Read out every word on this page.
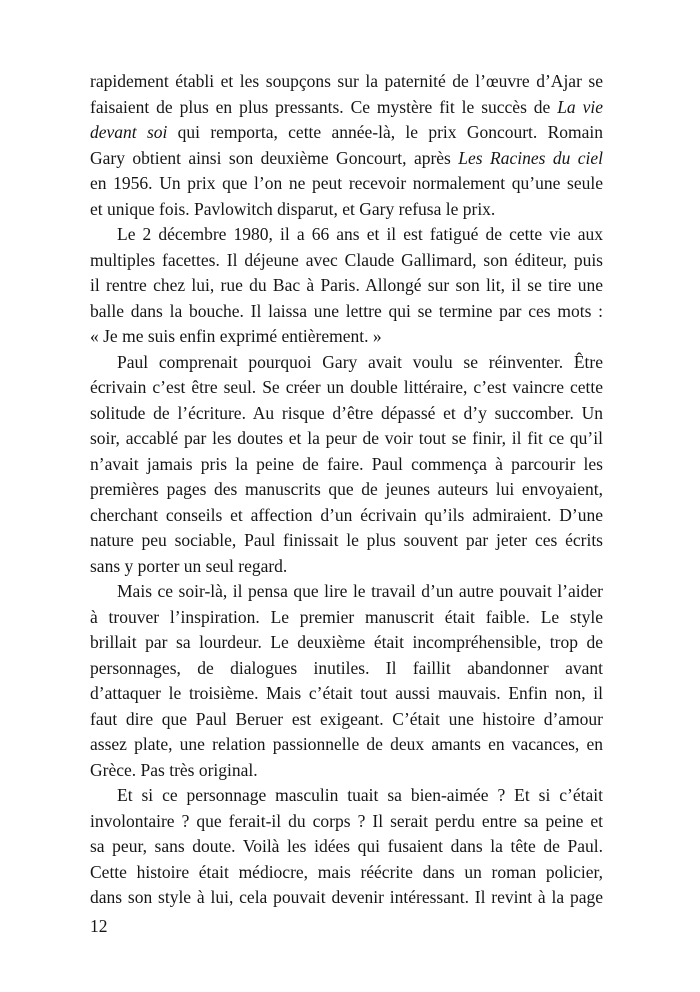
rapidement établi et les soupçons sur la paternité de l’œuvre d’Ajar se
faisaient de plus en plus pressants. Ce mystère fit le succès de La vie
devant soi qui remporta, cette année-là, le prix Goncourt. Romain
Gary obtient ainsi son deuxième Goncourt, après Les Racines du ciel
en 1956. Un prix que l’on ne peut recevoir normalement qu’une seule
et unique fois. Pavlowitch disparut, et Gary refusa le prix.
Le 2 décembre 1980, il a 66 ans et il est fatigué de cette vie aux
multiples facettes. Il déjeune avec Claude Gallimard, son éditeur, puis
il rentre chez lui, rue du Bac à Paris. Allongé sur son lit, il se tire une
balle dans la bouche. Il laissa une lettre qui se termine par ces mots :
« Je me suis enfin exprimé entièrement. »
Paul comprenait pourquoi Gary avait voulu se réinventer. Être
écrivain c’est être seul. Se créer un double littéraire, c’est vaincre cette
solitude de l’écriture. Au risque d’être dépassé et d’y succomber. Un
soir, accablé par les doutes et la peur de voir tout se finir, il fit ce qu’il
n’avait jamais pris la peine de faire. Paul commença à parcourir les
premières pages des manuscrits que de jeunes auteurs lui envoyaient,
cherchant conseils et affection d’un écrivain qu’ils admiraient. D’une
nature peu sociable, Paul finissait le plus souvent par jeter ces écrits
sans y porter un seul regard.
Mais ce soir-là, il pensa que lire le travail d’un autre pouvait l’aider
à trouver l’inspiration. Le premier manuscrit était faible. Le style
brillait par sa lourdeur. Le deuxième était incompréhensible, trop de
personnages, de dialogues inutiles. Il faillit abandonner avant
d’attaquer le troisième. Mais c’était tout aussi mauvais. Enfin non, il
faut dire que Paul Beruer est exigeant. C’était une histoire d’amour
assez plate, une relation passionnelle de deux amants en vacances, en
Grèce. Pas très original.
Et si ce personnage masculin tuait sa bien-aimée ? Et si c’était
involontaire ? que ferait-il du corps ? Il serait perdu entre sa peine et
sa peur, sans doute. Voilà les idées qui fusaient dans la tête de Paul.
Cette histoire était médiocre, mais réécrite dans un roman policier,
dans son style à lui, cela pouvait devenir intéressant. Il revint à la page
12
